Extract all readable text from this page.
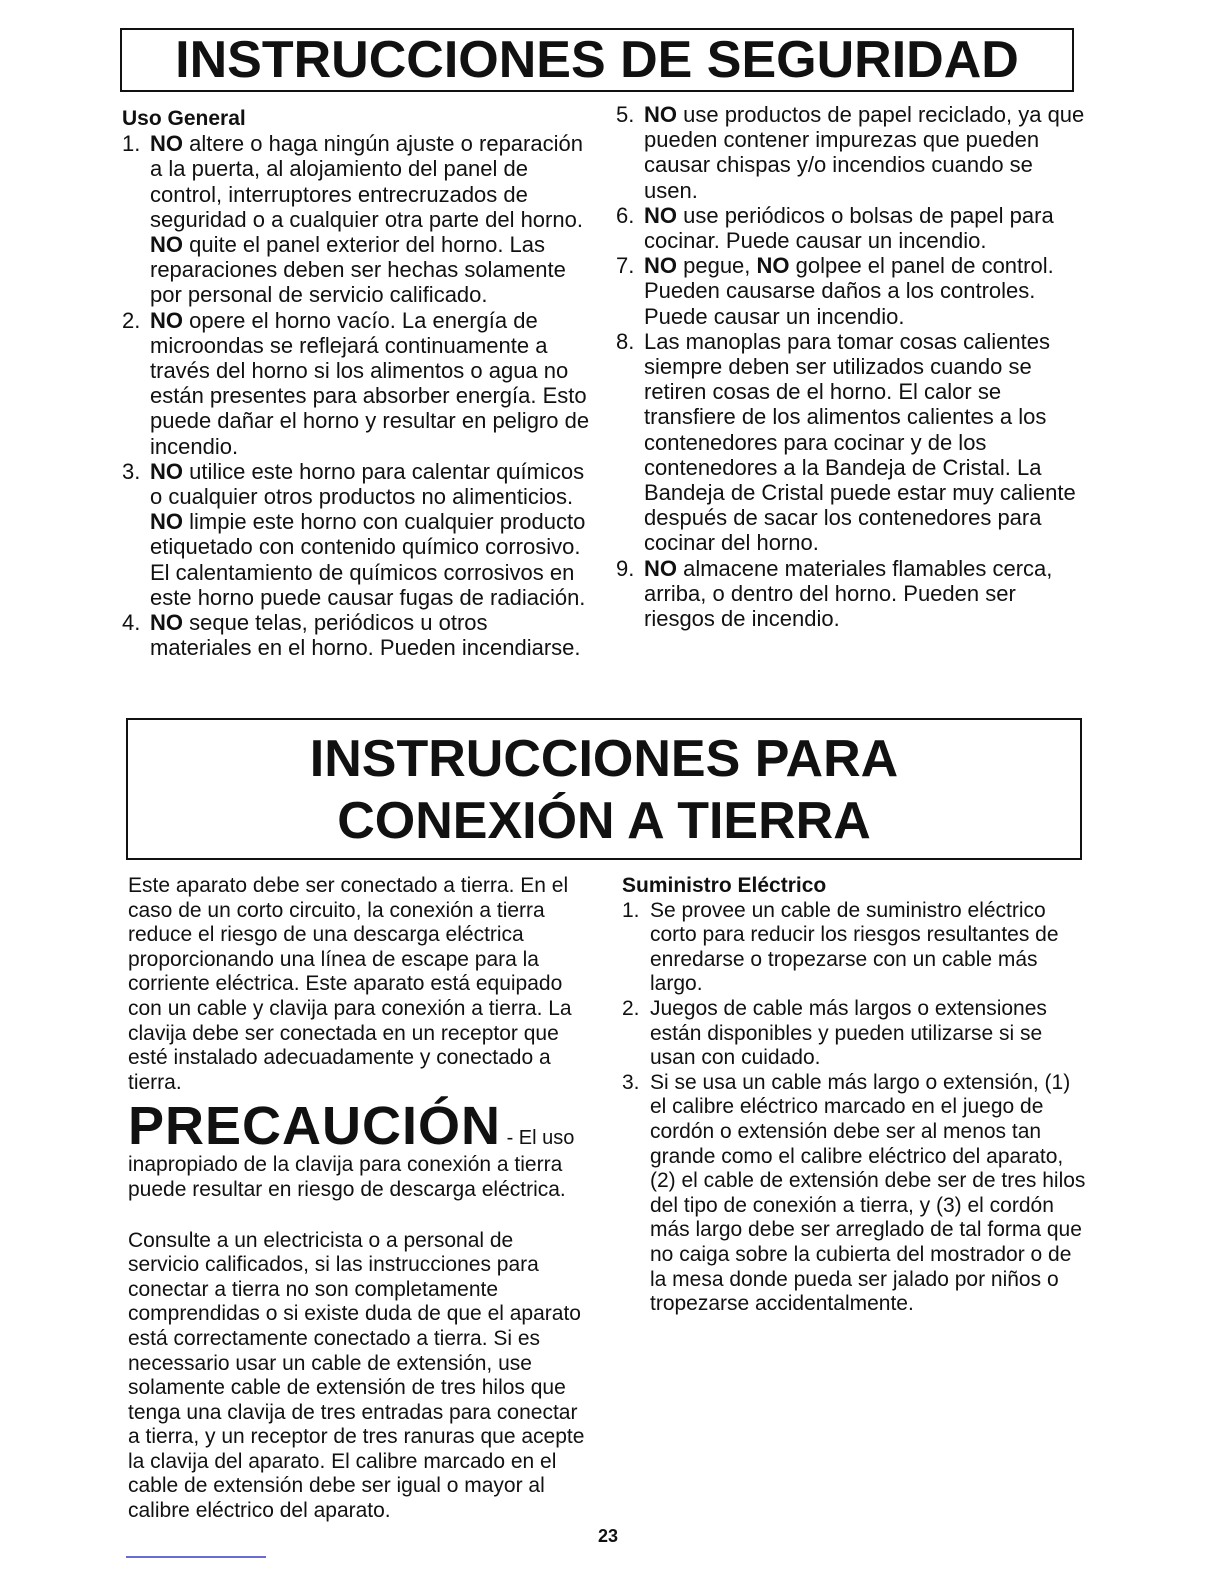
INSTRUCCIONES DE SEGURIDAD
Uso General
1. NO altere o haga ningún ajuste o reparación a la puerta, al alojamiento del panel de control, interruptores entrecruzados de seguridad o a cualquier otra parte del horno. NO quite el panel exterior del horno. Las reparaciones deben ser hechas solamente por personal de servicio calificado.
2. NO opere el horno vacío. La energía de microondas se reflejará continuamente a través del horno si los alimentos o agua no están presentes para absorber energía. Esto puede dañar el horno y resultar en peligro de incendio.
3. NO utilice este horno para calentar químicos o cualquier otros productos no alimenticios. NO limpie este horno con cualquier producto etiquetado con contenido químico corrosivo. El calentamiento de químicos corrosivos en este horno puede causar fugas de radiación.
4. NO seque telas, periódicos u otros materiales en el horno. Pueden incendiarse.
5. NO use productos de papel reciclado, ya que pueden contener impurezas que pueden causar chispas y/o incendios cuando se usen.
6. NO use periódicos o bolsas de papel para cocinar. Puede causar un incendio.
7. NO pegue, NO golpee el panel de control. Pueden causarse daños a los controles. Puede causar un incendio.
8. Las manoplas para tomar cosas calientes siempre deben ser utilizados cuando se retiren cosas de el horno. El calor se transfiere de los alimentos calientes a los contenedores para cocinar y de los contenedores a la Bandeja de Cristal. La Bandeja de Cristal puede estar muy caliente después de sacar los contenedores para cocinar del horno.
9. NO almacene materiales flamables cerca, arriba, o dentro del horno. Pueden ser riesgos de incendio.
INSTRUCCIONES PARA
CONEXIÓN A TIERRA
Este aparato debe ser conectado a tierra. En el caso de un corto circuito, la conexión a tierra reduce el riesgo de una descarga eléctrica proporcionando una línea de escape para la corriente eléctrica. Este aparato está equipado con un cable y clavija para conexión a tierra. La clavija debe ser conectada en un receptor que esté instalado adecuadamente y conectado a tierra.
PRECAUCIÓN - El uso
inapropiado de la clavija para conexión a tierra puede resultar en riesgo de descarga eléctrica.
Consulte a un electricista o a personal de servicio calificados, si las instrucciones para conectar a tierra no son completamente comprendidas o si existe duda de que el aparato está correctamente conectado a tierra. Si es necessario usar un cable de extensión, use solamente cable de extensión de tres hilos que tenga una clavija de tres entradas para conectar a tierra, y un receptor de tres ranuras que acepte la clavija del aparato. El calibre marcado en el cable de extensión debe ser igual o mayor al calibre eléctrico del aparato.
Suministro Eléctrico
1. Se provee un cable de suministro eléctrico corto para reducir los riesgos resultantes de enredarse o tropezarse con un cable más largo.
2. Juegos de cable más largos o extensiones están disponibles y pueden utilizarse si se usan con cuidado.
3. Si se usa un cable más largo o extensión, (1) el calibre eléctrico marcado en el juego de cordón o extensión debe ser al menos tan grande como el calibre eléctrico del aparato, (2) el cable de extensión debe ser de tres hilos del tipo de conexión a tierra, y (3) el cordón más largo debe ser arreglado de tal forma que no caiga sobre la cubierta del mostrador o de la mesa donde pueda ser jalado por niños o tropezarse accidentalmente.
23
